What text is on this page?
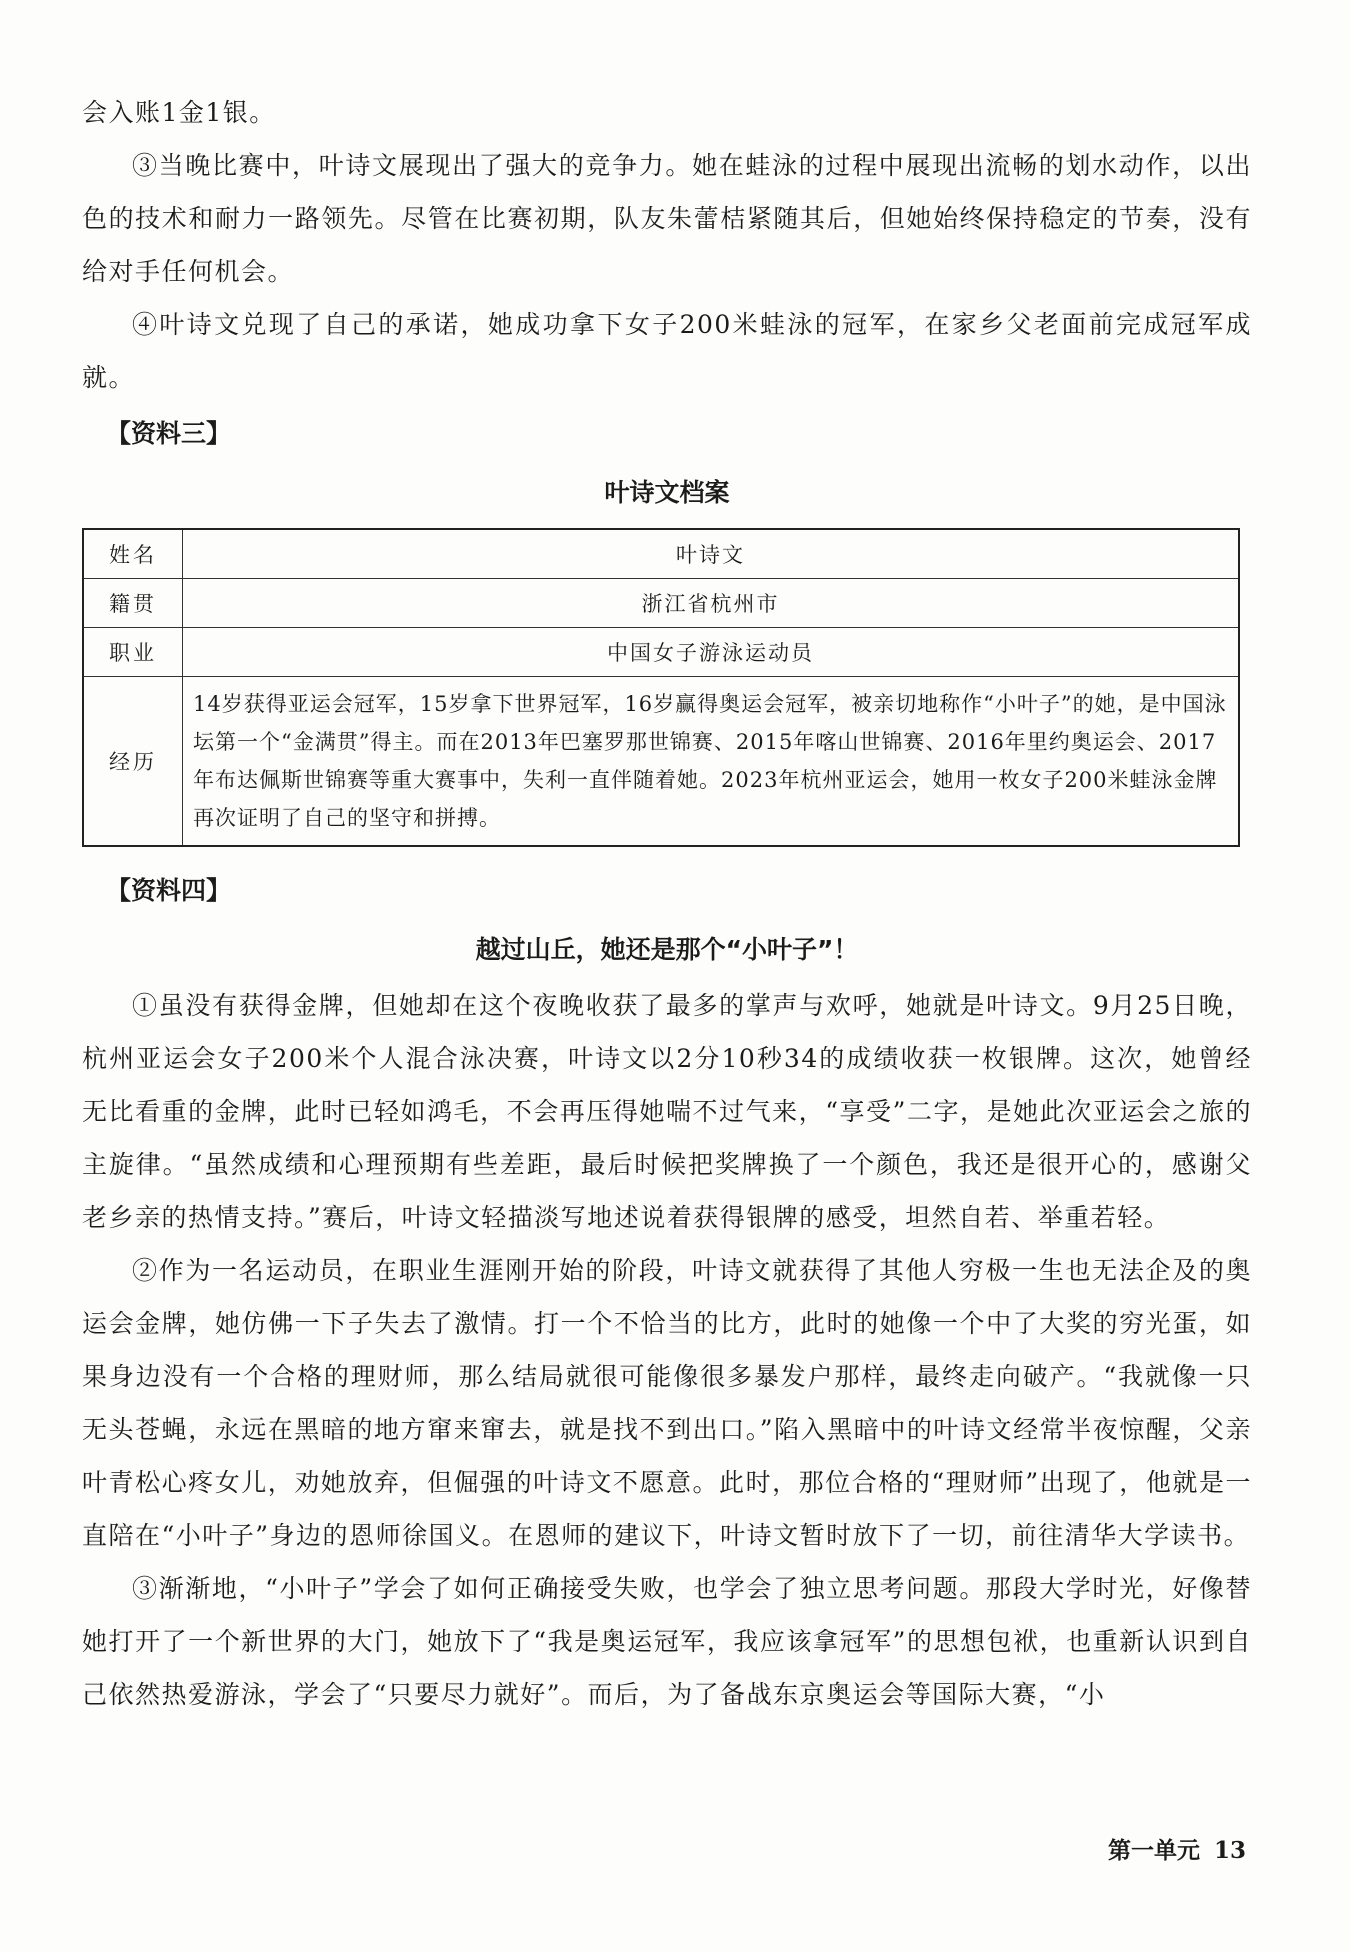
会入账1金1银。

③当晚比赛中，叶诗文展现出了强大的竞争力。她在蛙泳的过程中展现出流畅的划水动作，以出色的技术和耐力一路领先。尽管在比赛初期，队友朱蕾桔紧随其后，但她始终保持稳定的节奏，没有给对手任何机会。

④叶诗文兑现了自己的承诺，她成功拿下女子200米蛙泳的冠军，在家乡父老面前完成冠军成就。

【资料三】

叶诗文档案

姓名	叶诗文
籍贯	浙江省杭州市
职业	中国女子游泳运动员
经历	14岁获得亚运会冠军，15岁拿下世界冠军，16岁赢得奥运会冠军，被亲切地称作“小叶子”的她，是中国泳坛第一个“金满贯”得主。而在2013年巴塞罗那世锦赛、2015年喀山世锦赛、2016年里约奥运会、2017年布达佩斯世锦赛等重大赛事中，失利一直伴随着她。2023年杭州亚运会，她用一枚女子200米蛙泳金牌再次证明了自己的坚守和拼搏。

【资料四】

越过山丘，她还是那个“小叶子”！

①虽没有获得金牌，但她却在这个夜晚收获了最多的掌声与欢呼，她就是叶诗文。9月25日晚，杭州亚运会女子200米个人混合泳决赛，叶诗文以2分10秒34的成绩收获一枚银牌。这次，她曾经无比看重的金牌，此时已轻如鸿毛，不会再压得她喘不过气来，“享受”二字，是她此次亚运会之旅的主旋律。“虽然成绩和心理预期有些差距，最后时候把奖牌换了一个颜色，我还是很开心的，感谢父老乡亲的热情支持。”赛后，叶诗文轻描淡写地述说着获得银牌的感受，坦然自若、举重若轻。

②作为一名运动员，在职业生涯刚开始的阶段，叶诗文就获得了其他人穷极一生也无法企及的奥运会金牌，她仿佛一下子失去了激情。打一个不恰当的比方，此时的她像一个中了大奖的穷光蛋，如果身边没有一个合格的理财师，那么结局就很可能像很多暴发户那样，最终走向破产。“我就像一只无头苍蝇，永远在黑暗的地方窜来窜去，就是找不到出口。”陷入黑暗中的叶诗文经常半夜惊醒，父亲叶青松心疼女儿，劝她放弃，但倔强的叶诗文不愿意。此时，那位合格的“理财师”出现了，他就是一直陪在“小叶子”身边的恩师徐国义。在恩师的建议下，叶诗文暂时放下了一切，前往清华大学读书。

③渐渐地，“小叶子”学会了如何正确接受失败，也学会了独立思考问题。那段大学时光，好像替她打开了一个新世界的大门，她放下了“我是奥运冠军，我应该拿冠军”的思想包袱，也重新认识到自己依然热爱游泳，学会了“只要尽力就好”。而后，为了备战东京奥运会等国际大赛，“小

第一单元 13
